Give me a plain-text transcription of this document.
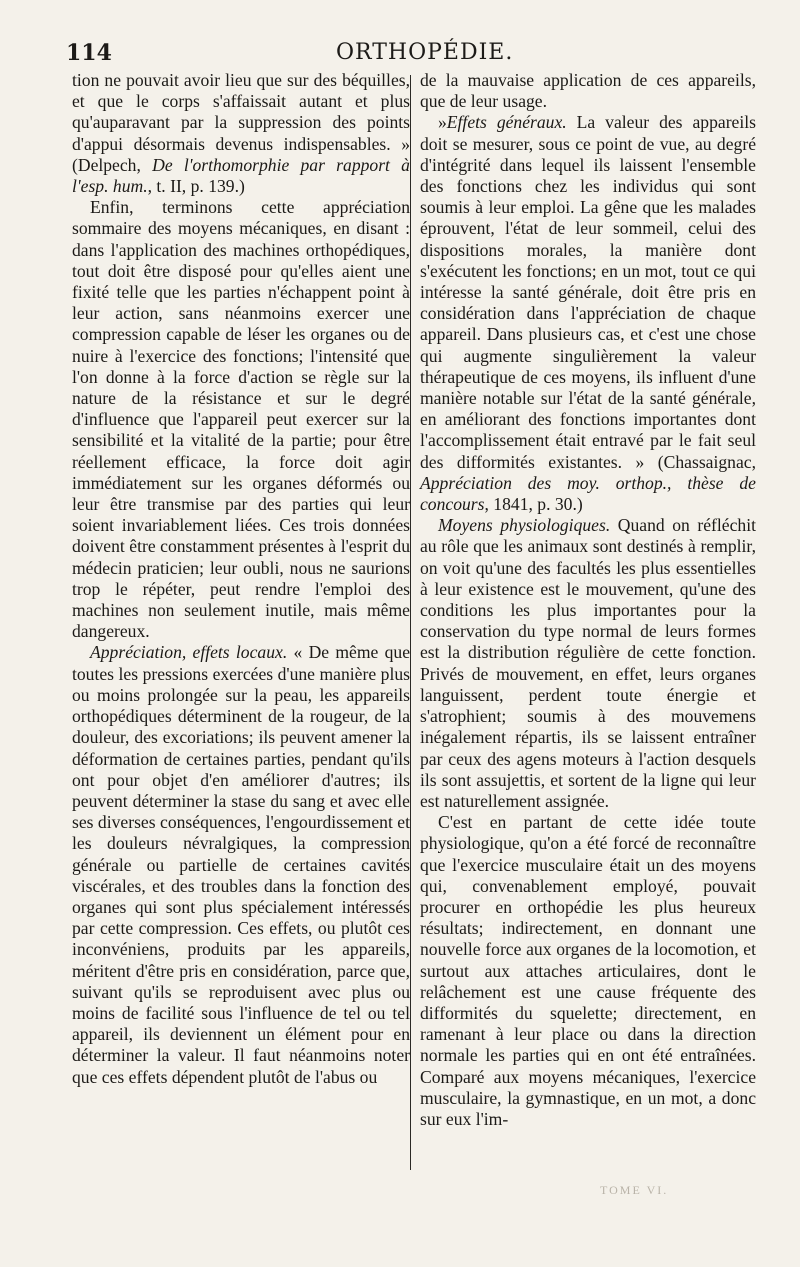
114	ORTHOPÉDIE.

tion ne pouvait avoir lieu que sur des béquilles, et que le corps s'affaissait autant et plus qu'auparavant par la suppression des points d'appui désormais devenus indispensables. » (Delpech, De l'orthomorphie par rapport à l'esp. hum., t. II, p. 139.)

Enfin, terminons cette appréciation sommaire des moyens mécaniques, en disant : dans l'application des machines orthopédiques, tout doit être disposé pour qu'elles aient une fixité telle que les parties n'échappent point à leur action, sans néanmoins exercer une compression capable de léser les organes ou de nuire à l'exercice des fonctions; l'intensité que l'on donne à la force d'action se règle sur la nature de la résistance et sur le degré d'influence que l'appareil peut exercer sur la sensibilité et la vitalité de la partie; pour être réellement efficace, la force doit agir immédiatement sur les organes déformés ou leur être transmise par des parties qui leur soient invariablement liées. Ces trois données doivent être constamment présentes à l'esprit du médecin praticien; leur oubli, nous ne saurions trop le répéter, peut rendre l'emploi des machines non seulement inutile, mais même dangereux.

Appréciation, effets locaux. « De même que toutes les pressions exercées d'une manière plus ou moins prolongée sur la peau, les appareils orthopédiques déterminent de la rougeur, de la douleur, des excoriations; ils peuvent amener la déformation de certaines parties, pendant qu'ils ont pour objet d'en améliorer d'autres; ils peuvent déterminer la stase du sang et avec elle ses diverses conséquences, l'engourdissement et les douleurs névralgiques, la compression générale ou partielle de certaines cavités viscérales, et des troubles dans la fonction des organes qui sont plus spécialement intéressés par cette compression. Ces effets, ou plutôt ces inconvéniens, produits par les appareils, méritent d'être pris en considération, parce que, suivant qu'ils se reproduisent avec plus ou moins de facilité sous l'influence de tel ou tel appareil, ils deviennent un élément pour en déterminer la valeur. Il faut néanmoins noter que ces effets dépendent plutôt de l'abus ou

de la mauvaise application de ces appareils, que de leur usage.

»Effets généraux. La valeur des appareils doit se mesurer, sous ce point de vue, au degré d'intégrité dans lequel ils laissent l'ensemble des fonctions chez les individus qui sont soumis à leur emploi. La gêne que les malades éprouvent, l'état de leur sommeil, celui des dispositions morales, la manière dont s'exécutent les fonctions; en un mot, tout ce qui intéresse la santé générale, doit être pris en considération dans l'appréciation de chaque appareil. Dans plusieurs cas, et c'est une chose qui augmente singulièrement la valeur thérapeutique de ces moyens, ils influent d'une manière notable sur l'état de la santé générale, en améliorant des fonctions importantes dont l'accomplissement était entravé par le fait seul des difformités existantes. » (Chassaignac, Appréciation des moy. orthop., thèse de concours, 1841, p. 30.)

Moyens physiologiques. Quand on réfléchit au rôle que les animaux sont destinés à remplir, on voit qu'une des facultés les plus essentielles à leur existence est le mouvement, qu'une des conditions les plus importantes pour la conservation du type normal de leurs formes est la distribution régulière de cette fonction. Privés de mouvement, en effet, leurs organes languissent, perdent toute énergie et s'atrophient; soumis à des mouvemens inégalement répartis, ils se laissent entraîner par ceux des agens moteurs à l'action desquels ils sont assujettis, et sortent de la ligne qui leur est naturellement assignée.

C'est en partant de cette idée toute physiologique, qu'on a été forcé de reconnaître que l'exercice musculaire était un des moyens qui, convenablement employé, pouvait procurer en orthopédie les plus heureux résultats; indirectement, en donnant une nouvelle force aux organes de la locomotion, et surtout aux attaches articulaires, dont le relâchement est une cause fréquente des difformités du squelette; directement, en ramenant à leur place ou dans la direction normale les parties qui en ont été entraînées. Comparé aux moyens mécaniques, l'exercice musculaire, la gymnastique, en un mot, a donc sur eux l'im-

TOME VI.
